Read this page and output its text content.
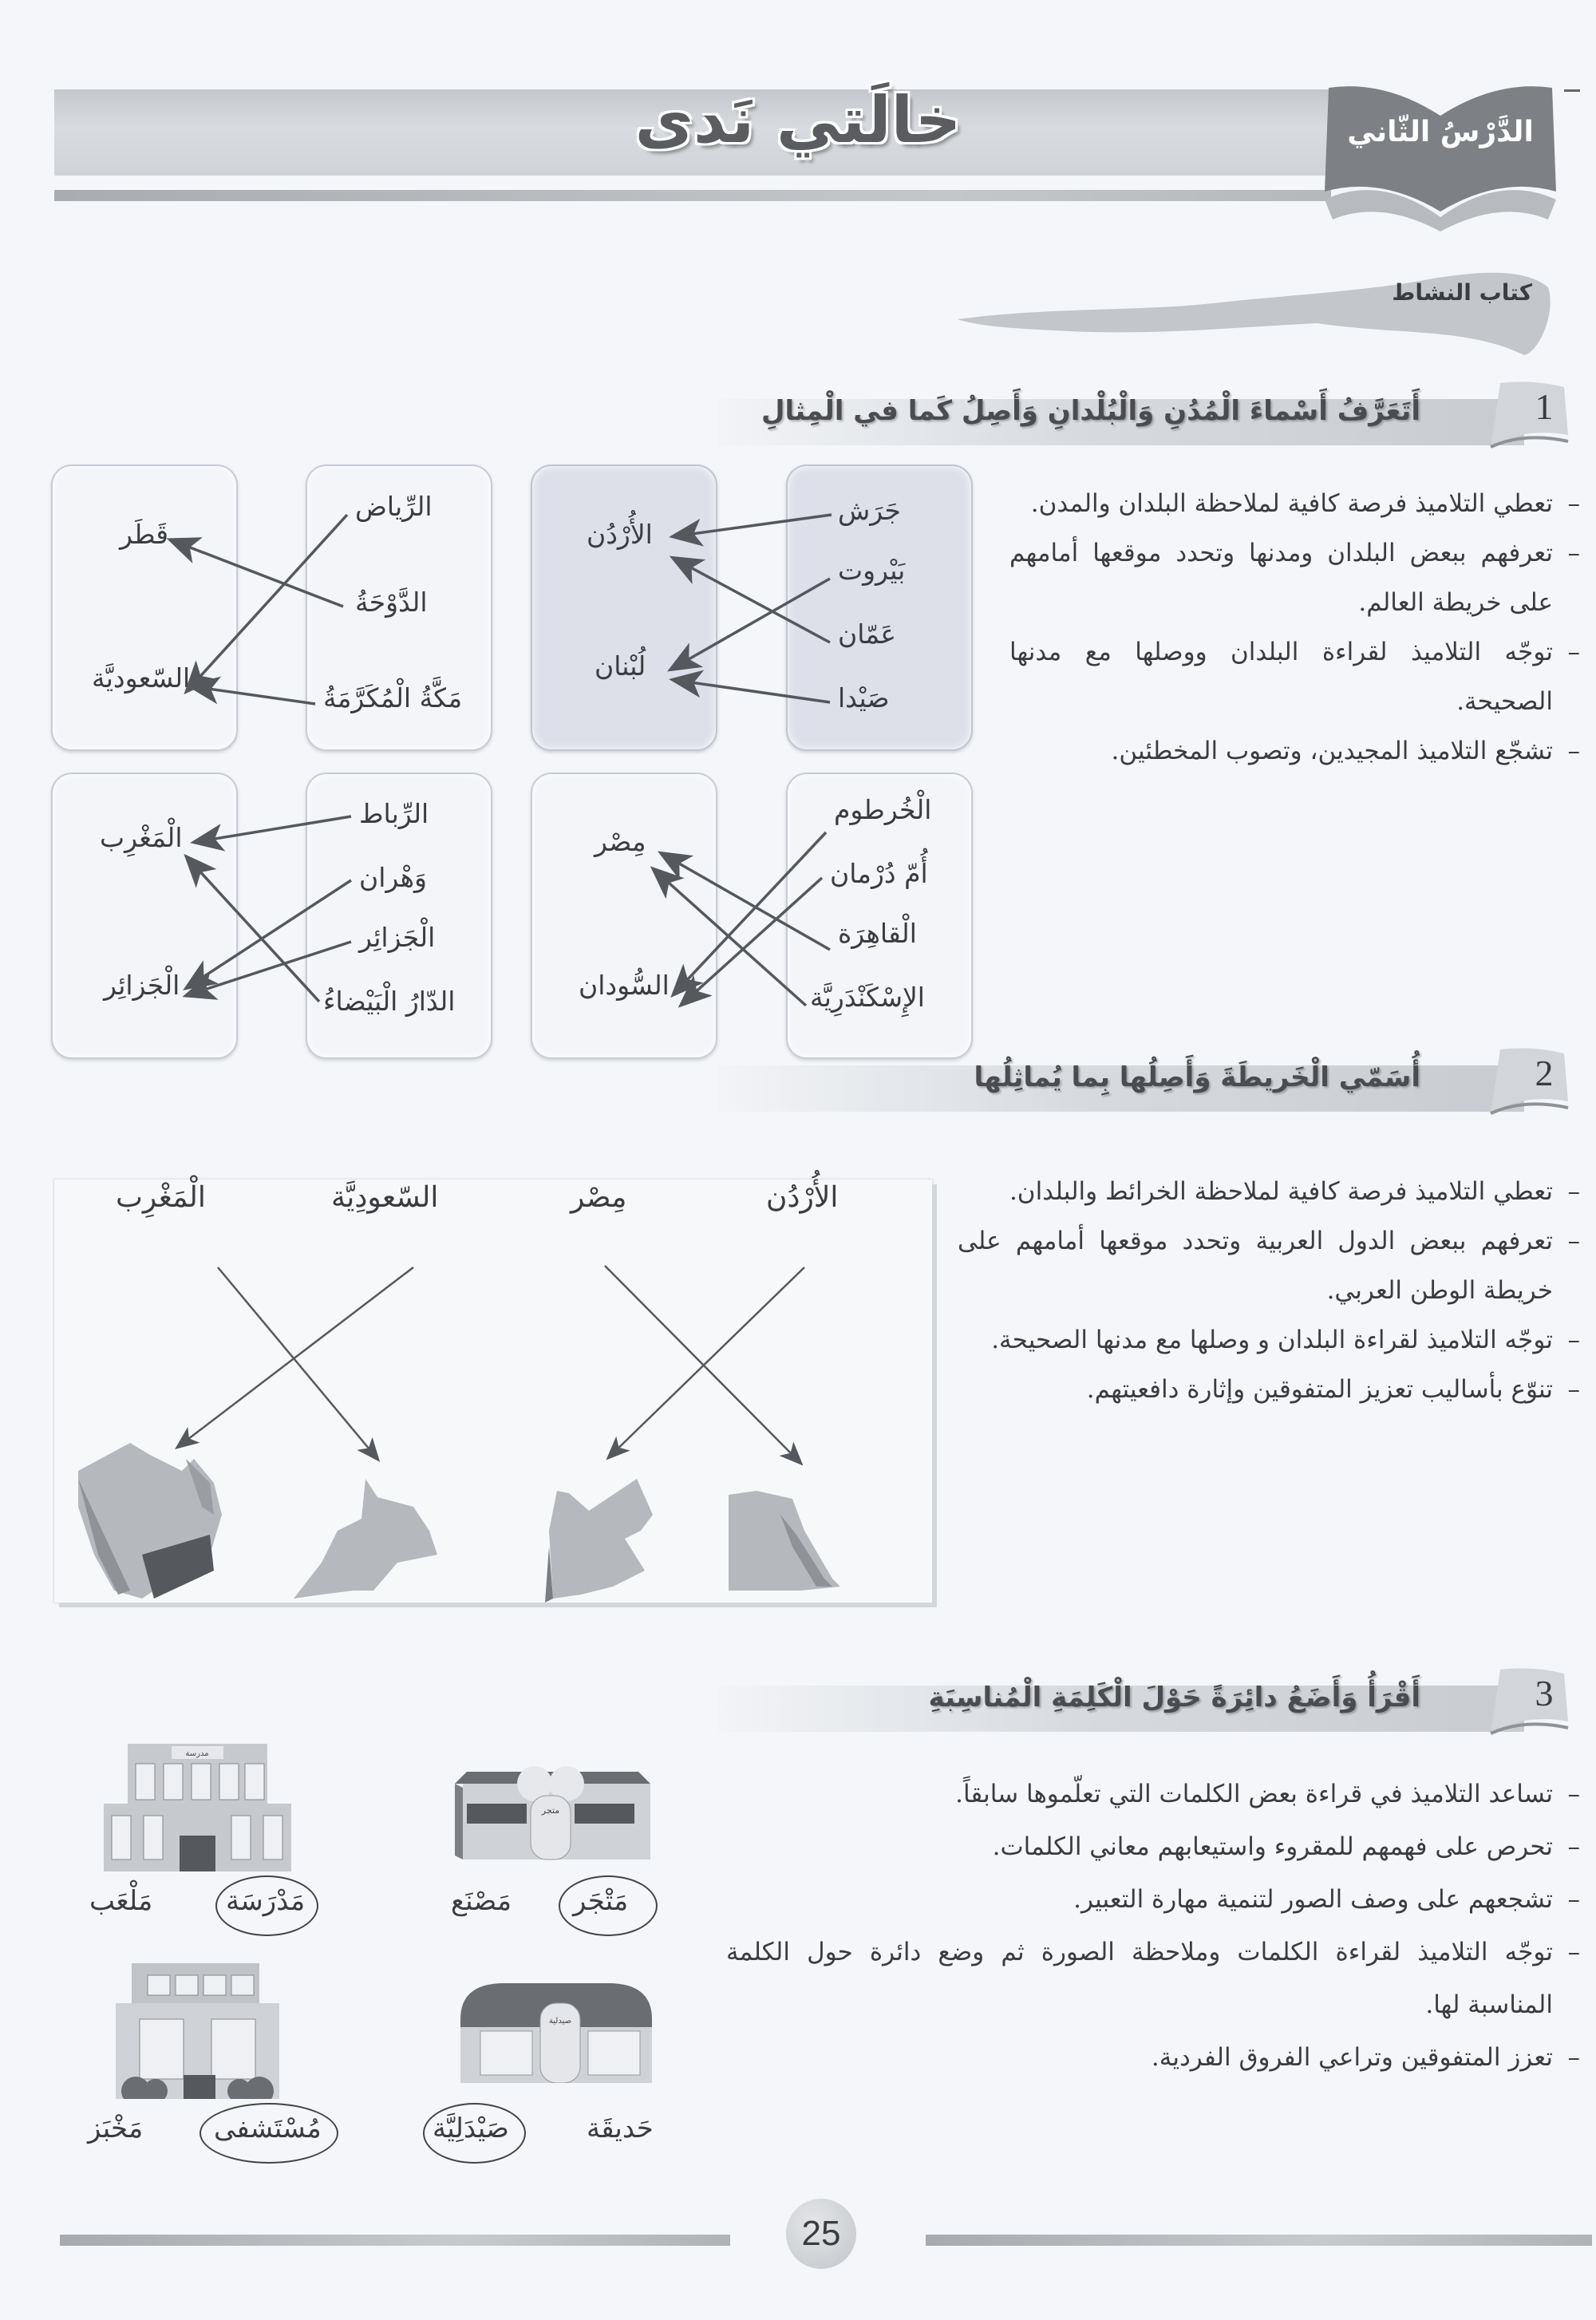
خالَتي نَدى	الدَّرْسُ الثّاني
كتاب النشاط
1
أَتَعَرَّفُ أَسْماءَ الْمُدُنِ وَالْبُلْدانِ وَأَصِلُ كَما في الْمِثالِ
– تعطي التلاميذ فرصة كافية لملاحظة البلدان والمدن.
– تعرفهم ببعض البلدان ومدنها وتحدد موقعها أمامهم على خريطة العالم.
– توجّه التلاميذ لقراءة البلدان ووصلها مع مدنها الصحيحة.
– تشجّع التلاميذ المجيدين، وتصوب المخطئين.
جَرَش
بَيْروت
عَمّان
صَيْدا
الأُرْدُن
لُبْنان
الرِّياض
الدَّوْحَةُ
مَكَّةُ الْمُكَرَّمَةُ
قَطَر
السّعوديَّة
الْخُرطوم
أُمّ دُرْمان
الْقاهِرَة
الإِسْكَنْدَرِيَّة
مِصْر
السُّودان
الرِّباط
وَهْران
الْجَزائِر
الدّارُ الْبَيْضاءُ
الْمَغْرِب
الْجَزائِر
2
أُسَمّي الْخَريطَةَ وَأَصِلُها بِما يُماثِلُها
– تعطي التلاميذ فرصة كافية لملاحظة الخرائط والبلدان.
– تعرفهم ببعض الدول العربية وتحدد موقعها أمامهم على خريطة الوطن العربي.
– توجّه التلاميذ لقراءة البلدان و وصلها مع مدنها الصحيحة.
– تنوّع بأساليب تعزيز المتفوقين وإثارة دافعيتهم.
الأُرْدُن
مِصْر
السّعودِيَّة
الْمَغْرِب
3
أَقْرَأُ وَأَضَعُ دائِرَةً حَوْلَ الْكَلِمَةِ الْمُناسِبَةِ
– تساعد التلاميذ في قراءة بعض الكلمات التي تعلّموها سابقاً.
– تحرص على فهمهم للمقروء واستيعابهم معاني الكلمات.
– تشجعهم على وصف الصور لتنمية مهارة التعبير.
– توجّه التلاميذ لقراءة الكلمات وملاحظة الصورة ثم وضع دائرة حول الكلمة المناسبة لها.
– تعزز المتفوقين وتراعي الفروق الفردية.
متجر
مَتْجَر
مَصْنَع
مدرسة
مَدْرَسَة
مَلْعَب
صيدلية
صَيْدَلِيَّة	حَديقَة
مُسْتَشفى
مَخْبَز
25
